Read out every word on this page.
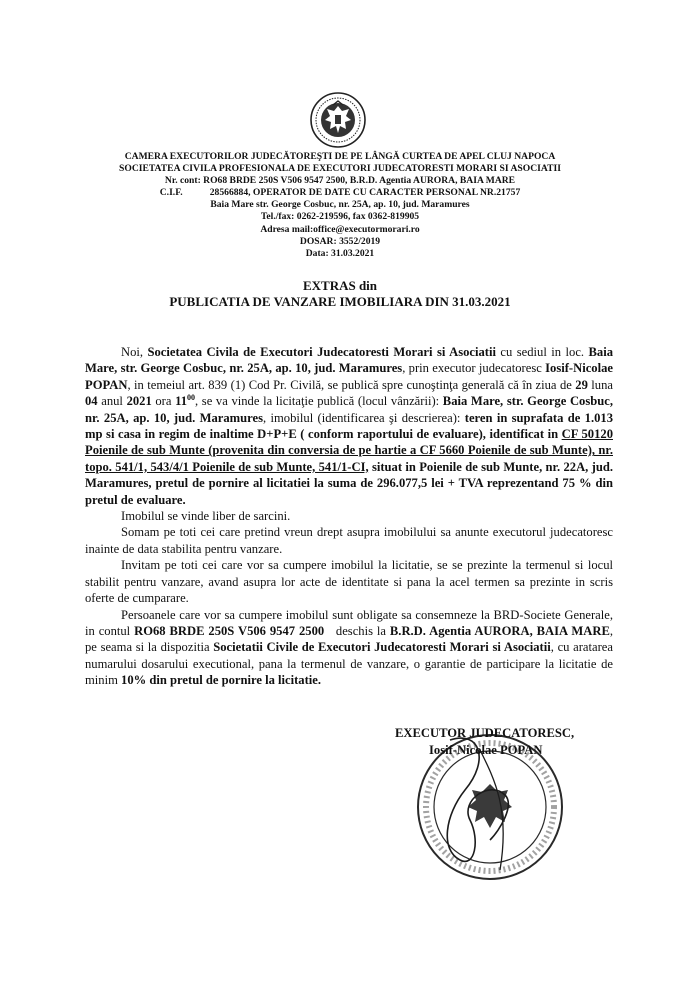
CAMERA EXECUTORILOR JUDECĂTOREŞTI DE PE LÂNGĂ CURTEA DE APEL CLUJ NAPOCA
SOCIETATEA CIVILA PROFESIONALA DE EXECUTORI JUDECATORESTI MORARI SI ASOCIATII
Nr. cont: RO68 BRDE 250S V506 9547 2500, B.R.D. Agentia AURORA, BAIA MARE
C.I.F.	28566884, OPERATOR DE DATE CU CARACTER PERSONAL NR.21757
Baia Mare str. George Cosbuc, nr. 25A, ap. 10, jud. Maramures
Tel./fax: 0262-219596, fax 0362-819905
Adresa mail:office@executormorari.ro
DOSAR: 3552/2019
Data: 31.03.2021
EXTRAS din
PUBLICATIA DE VANZARE IMOBILIARA DIN 31.03.2021

Noi, Societatea Civila de Executori Judecatoresti Morari si Asociatii cu sediul in loc. Baia Mare, str. George Cosbuc, nr. 25A, ap. 10, jud. Maramures, prin executor judecatoresc Iosif-Nicolae POPAN, in temeiul art. 839 (1) Cod Pr. Civilă, se publică spre cunoştinţa generală că în ziua de 29 luna 04 anul 2021 ora $11^{00}$, se va vinde la licitaţie publică (locul vânzării): Baia Mare, str. George Cosbuc, nr. 25A, ap. 10, jud. Maramures, imobilul (identificarea şi descrierea): teren in suprafata de 1.013 mp si casa in regim de inaltime D+P+E ( conform raportului de evaluare), identificat in CF 50120 Poienile de sub Munte (provenita din conversia de pe hartie a CF 5660 Poienile de sub Munte), nr. topo. 541/1, 543/4/1 Poienile de sub Munte, 541/1-CI, situat in Poienile de sub Munte, nr. 22A, jud. Maramures, pretul de pornire al licitatiei la suma de 296.077,5 lei + TVA reprezentand 75 % din pretul de evaluare.

Imobilul se vinde liber de sarcini.

Somam pe toti cei care pretind vreun drept asupra imobilului sa anunte executorul judecatoresc inainte de data stabilita pentru vanzare.

Invitam pe toti cei care vor sa cumpere imobilul la licitatie, se se prezinte la termenul si locul stabilit pentru vanzare, avand asupra lor acte de identitate si pana la acel termen sa prezinte in scris oferte de cumparare.

Persoanele care vor sa cumpere imobilul sunt obligate sa consemneze la BRD-Societe Generale, in contul RO68 BRDE 250S V506 9547 2500   deschis la B.R.D. Agentia AURORA, BAIA MARE, pe seama si la dispozitia Societatii Civile de Executori Judecatoresti Morari si Asociatii, cu aratarea numarului dosarului executional, pana la termenul de vanzare, o garantie de participare la licitatie de minim 10% din pretul de pornire la licitatie.

EXECUTOR JUDECATORESC,
Iosif-Nicolae POPAN
